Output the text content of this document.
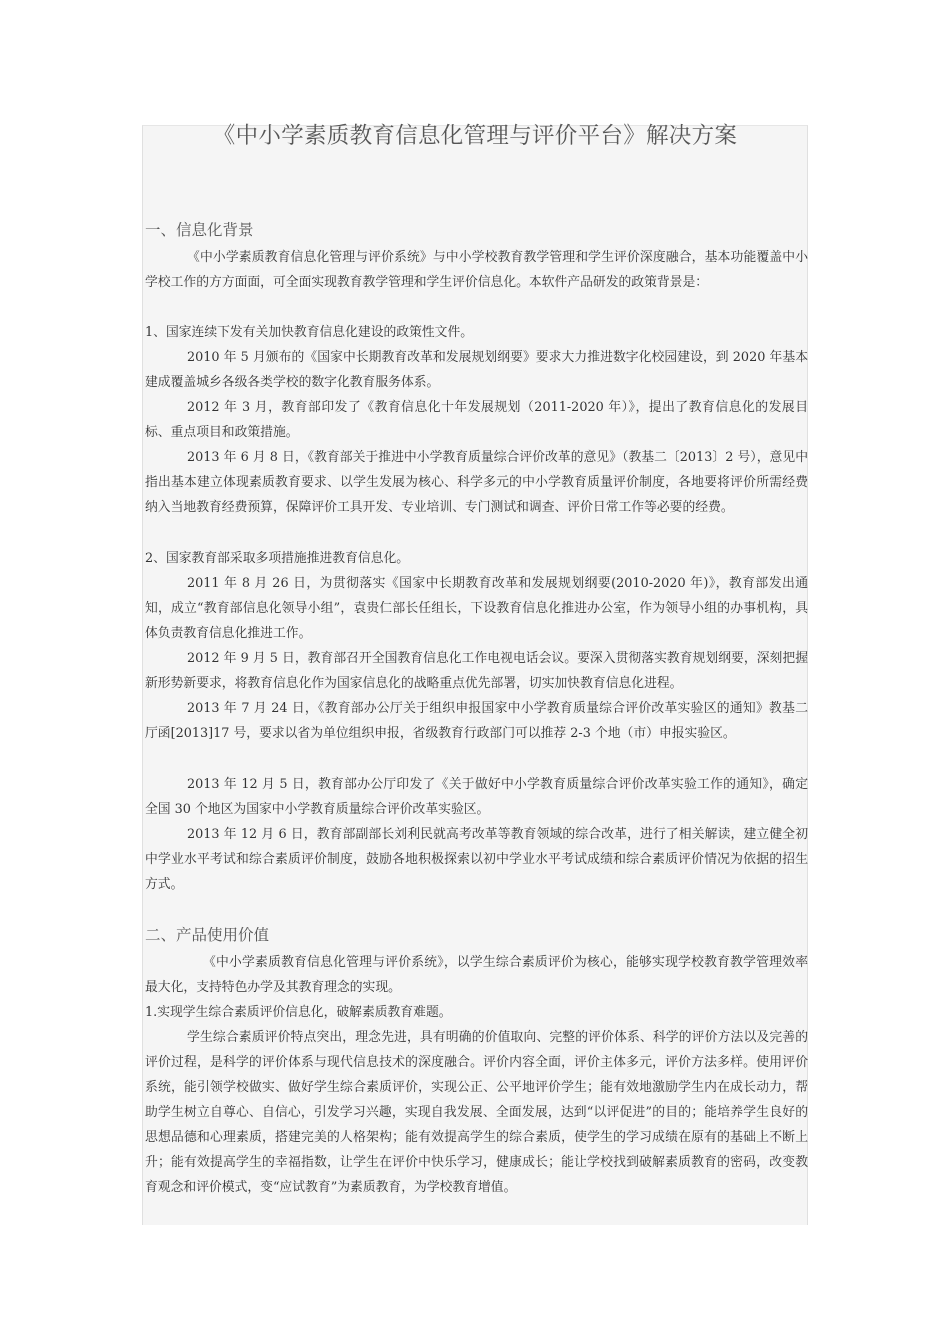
《中小学素质教育信息化管理与评价平台》解决方案
一、信息化背景

《中小学素质教育信息化管理与评价系统》与中小学校教育教学管理和学生评价深度融合，基本功能覆盖中小学校工作的方方面面，可全面实现教育教学管理和学生评价信息化。本软件产品研发的政策背景是：

1、国家连续下发有关加快教育信息化建设的政策性文件。

2010 年 5 月颁布的《国家中长期教育改革和发展规划纲要》要求大力推进数字化校园建设，到 2020 年基本建成覆盖城乡各级各类学校的数字化教育服务体系。

2012 年 3 月，教育部印发了《教育信息化十年发展规划（2011-2020 年）》，提出了教育信息化的发展目标、重点项目和政策措施。

2013 年 6 月 8 日，《教育部关于推进中小学教育质量综合评价改革的意见》（教基二〔2013〕2 号），意见中指出基本建立体现素质教育要求、以学生发展为核心、科学多元的中小学教育质量评价制度，各地要将评价所需经费纳入当地教育经费预算，保障评价工具开发、专业培训、专门测试和调查、评价日常工作等必要的经费。

2、国家教育部采取多项措施推进教育信息化。

2011 年 8 月 26 日，为贯彻落实《国家中长期教育改革和发展规划纲要(2010-2020 年)》，教育部发出通知，成立“教育部信息化领导小组”，袁贵仁部长任组长，下设教育信息化推进办公室，作为领导小组的办事机构，具体负责教育信息化推进工作。

2012 年 9 月 5 日，教育部召开全国教育信息化工作电视电话会议。要深入贯彻落实教育规划纲要，深刻把握新形势新要求，将教育信息化作为国家信息化的战略重点优先部署，切实加快教育信息化进程。

2013 年 7 月 24 日，《教育部办公厅关于组织申报国家中小学教育质量综合评价改革实验区的通知》教基二厅函[2013]17 号，要求以省为单位组织申报，省级教育行政部门可以推荐 2-3 个地（市）申报实验区。

2013 年 12 月 5 日，教育部办公厅印发了《关于做好中小学教育质量综合评价改革实验工作的通知》，确定全国 30 个地区为国家中小学教育质量综合评价改革实验区。

2013 年 12 月 6 日，教育部副部长刘利民就高考改革等教育领域的综合改革，进行了相关解读，建立健全初中学业水平考试和综合素质评价制度，鼓励各地积极探索以初中学业水平考试成绩和综合素质评价情况为依据的招生方式。

二、产品使用价值

《中小学素质教育信息化管理与评价系统》，以学生综合素质评价为核心，能够实现学校教育教学管理效率最大化，支持特色办学及其教育理念的实现。

1.实现学生综合素质评价信息化，破解素质教育难题。

学生综合素质评价特点突出，理念先进，具有明确的价值取向、完整的评价体系、科学的评价方法以及完善的评价过程，是科学的评价体系与现代信息技术的深度融合。评价内容全面，评价主体多元，评价方法多样。使用评价系统，能引领学校做实、做好学生综合素质评价，实现公正、公平地评价学生；能有效地激励学生内在成长动力，帮助学生树立自尊心、自信心，引发学习兴趣，实现自我发展、全面发展，达到“以评促进”的目的；能培养学生良好的思想品德和心理素质，搭建完美的人格架构；能有效提高学生的综合素质，使学生的学习成绩在原有的基础上不断上升；能有效提高学生的幸福指数，让学生在评价中快乐学习，健康成长；能让学校找到破解素质教育的密码，改变教育观念和评价模式，变“应试教育”为素质教育，为学校教育增值。
